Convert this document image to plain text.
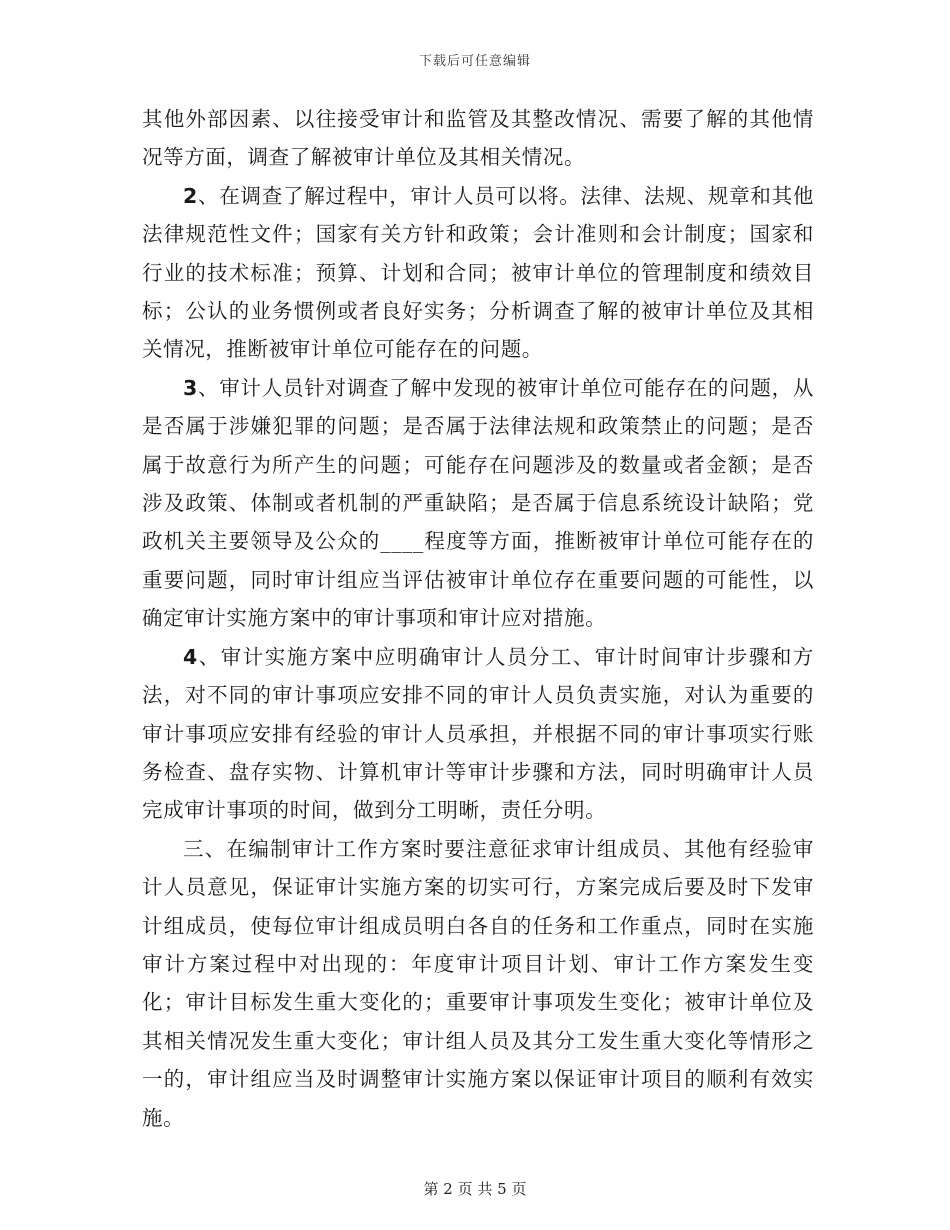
下载后可任意编辑

其他外部因素、以往接受审计和监管及其整改情况、需要了解的其他情况等方面，调查了解被审计单位及其相关情况。

2、在调查了解过程中，审计人员可以将。法律、法规、规章和其他法律规范性文件；国家有关方针和政策；会计准则和会计制度；国家和行业的技术标准；预算、计划和合同；被审计单位的管理制度和绩效目标；公认的业务惯例或者良好实务；分析调查了解的被审计单位及其相关情况，推断被审计单位可能存在的问题。

3、审计人员针对调查了解中发现的被审计单位可能存在的问题，从是否属于涉嫌犯罪的问题；是否属于法律法规和政策禁止的问题；是否属于故意行为所产生的问题；可能存在问题涉及的数量或者金额；是否涉及政策、体制或者机制的严重缺陷；是否属于信息系统设计缺陷；党政机关主要领导及公众的____程度等方面，推断被审计单位可能存在的重要问题，同时审计组应当评估被审计单位存在重要问题的可能性，以确定审计实施方案中的审计事项和审计应对措施。

4、审计实施方案中应明确审计人员分工、审计时间审计步骤和方法，对不同的审计事项应安排不同的审计人员负责实施，对认为重要的审计事项应安排有经验的审计人员承担，并根据不同的审计事项实行账务检查、盘存实物、计算机审计等审计步骤和方法，同时明确审计人员完成审计事项的时间，做到分工明晰，责任分明。

三、在编制审计工作方案时要注意征求审计组成员、其他有经验审计人员意见，保证审计实施方案的切实可行，方案完成后要及时下发审计组成员，使每位审计组成员明白各自的任务和工作重点，同时在实施审计方案过程中对出现的：年度审计项目计划、审计工作方案发生变化；审计目标发生重大变化的；重要审计事项发生变化；被审计单位及其相关情况发生重大变化；审计组人员及其分工发生重大变化等情形之一的，审计组应当及时调整审计实施方案以保证审计项目的顺利有效实施。

第 2 页 共 5 页
